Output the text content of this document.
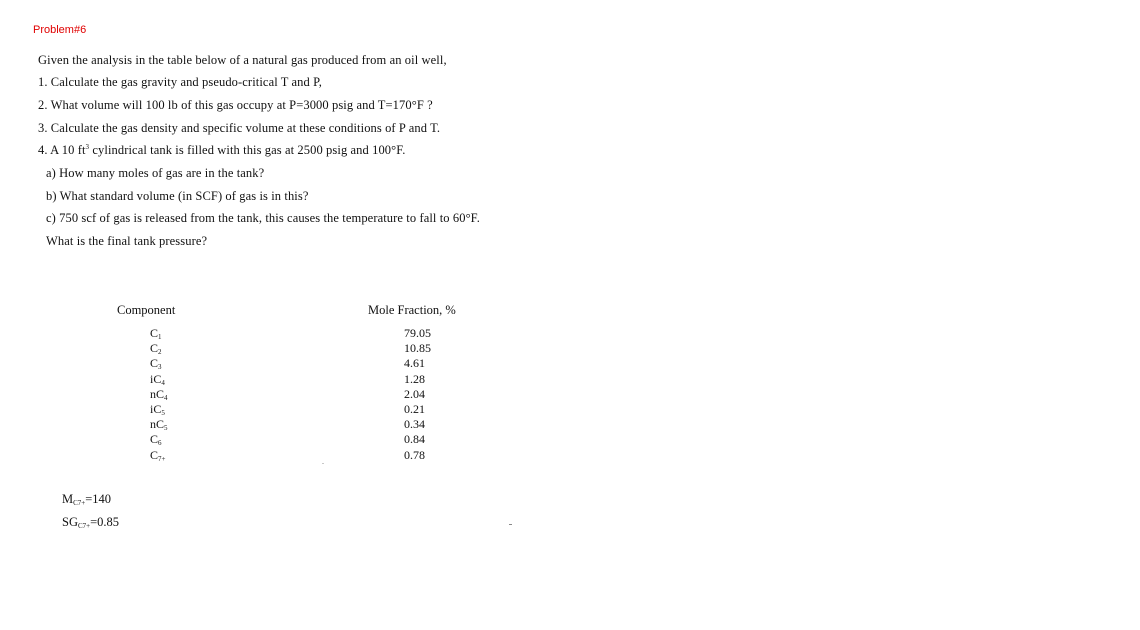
Problem#6
Given the analysis in the table below of a natural gas produced from an oil well,
1. Calculate the gas gravity and pseudo-critical T and P,
2. What volume will 100 lb of this gas occupy at P=3000 psig and T=170°F ?
3. Calculate the gas density and specific volume at these conditions of P and T.
4. A 10 $ft^3$ cylindrical tank is filled with this gas at 2500 psig and 100°F.
a) How many moles of gas are in the tank?
b) What standard volume (in SCF) of gas is in this?
c) 750 scf of gas is released from the tank, this causes the temperature to fall to 60°F.
What is the final tank pressure?
Component	Mole Fraction, %
$C_1$
$C_2$
$C_3$
$iC_4$
$nC_4$
$iC_5$
$nC_5$
$C_6$
$C_{7+}$
79.05
10.85
4.61
1.28
2.04
0.21
0.34
0.84
0.78
$M_{C7+}=140$
$SG_{C7+}=0.85$
